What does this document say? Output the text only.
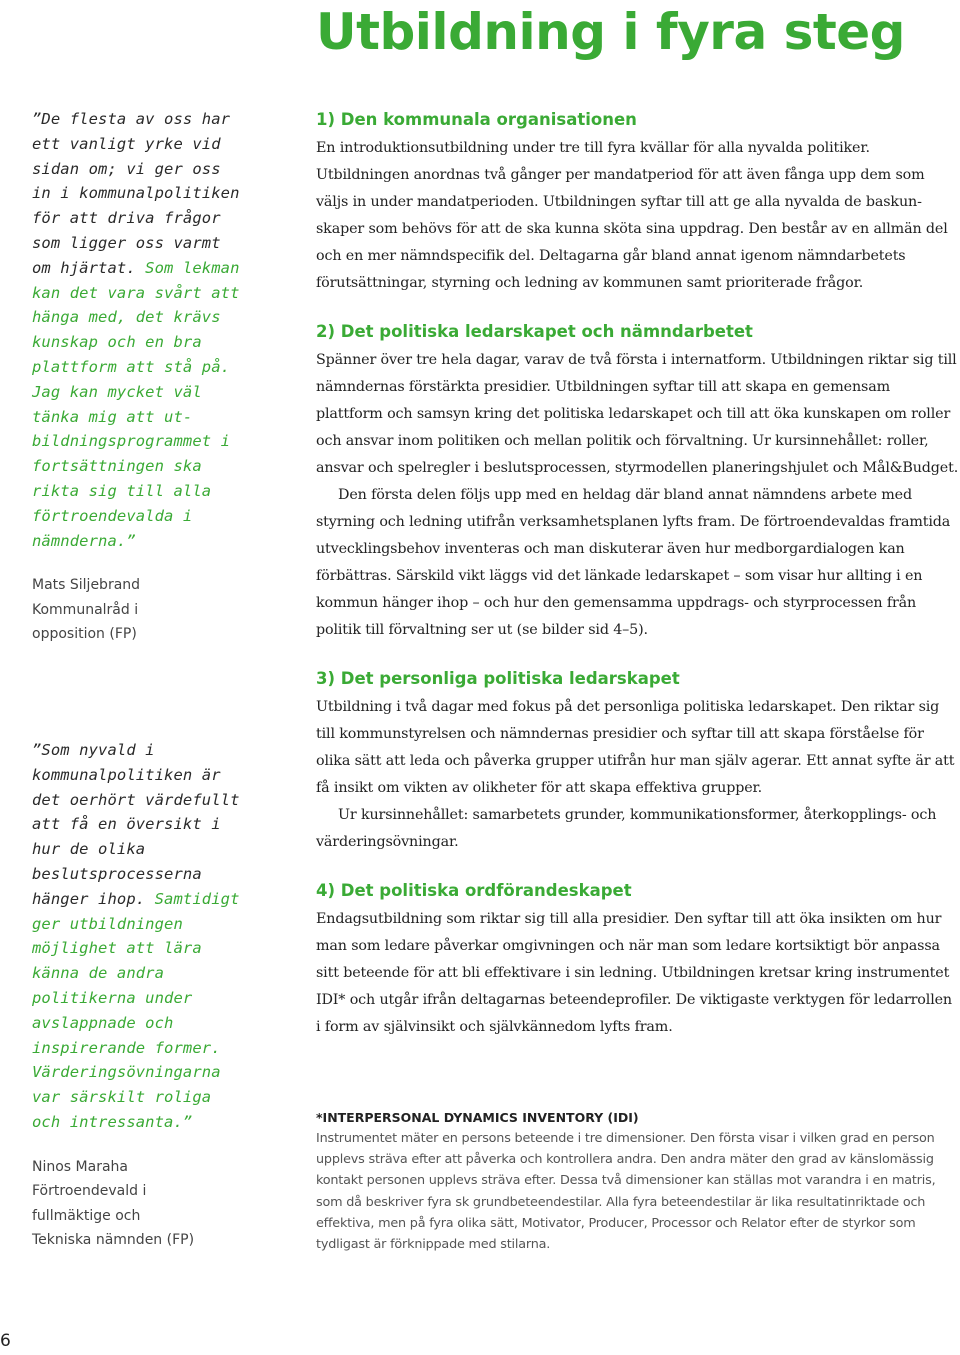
Utbildning i fyra steg

”De flesta av oss har ett vanligt yrke vid sidan om; vi ger oss in i kommunalpolitiken för att driva frågor som ligger oss varmt om hjärtat. Som lekman kan det vara svårt att hänga med, det krävs kunskap och en bra plattform att stå på. Jag kan mycket väl tänka mig att utbildningsprogrammet i fortsättningen ska rikta sig till alla förtroendevalda i nämnderna.”

Mats Siljebrand
Kommunalråd i
opposition (FP)

”Som nyvald i kommunalpolitiken är det oerhört värdefullt att få en översikt i hur de olika beslutsprocesserna hänger ihop. Samtidigt ger utbildningen möjlighet att lära känna de andra politikerna under avslappnade och inspirerande former. Värderingsövningarna var särskilt roliga och intressanta.”

Ninos Maraha
Förtroendevald i
fullmäktige och
Tekniska nämnden (FP)
1) Den kommunala organisationen

En introduktionsutbildning under tre till fyra kvällar för alla nyvalda politiker. Utbildningen anordnas två gånger per mandatperiod för att även fånga upp dem som väljs in under mandatperioden. Utbildningen syftar till att ge alla nyvalda de baskunskaper som behövs för att de ska kunna sköta sina uppdrag. Den består av en allmän del och en mer nämndspecifik del. Deltagarna går bland annat igenom nämndarbetets förutsättningar, styrning och ledning av kommunen samt prioriterade frågor.

2) Det politiska ledarskapet och nämndarbetet

Spänner över tre hela dagar, varav de två första i internatform. Utbildningen riktar sig till nämndernas förstärkta presidier. Utbildningen syftar till att skapa en gemensam plattform och samsyn kring det politiska ledarskapet och till att öka kunskapen om roller och ansvar inom politiken och mellan politik och förvaltning. Ur kursinnehållet: roller, ansvar och spelregler i beslutsprocessen, styrmodellen planeringshjulet och Mål&Budget.

Den första delen följs upp med en heldag där bland annat nämndens arbete med styrning och ledning utifrån verksamhetsplanen lyfts fram. De förtroendevaldas framtida utvecklingsbehov inventeras och man diskuterar även hur medborgardialogen kan förbättras. Särskild vikt läggs vid det länkade ledarskapet – som visar hur allting i en kommun hänger ihop – och hur den gemensamma uppdrags- och styrprocessen från politik till förvaltning ser ut (se bilder sid 4–5).

3) Det personliga politiska ledarskapet

Utbildning i två dagar med fokus på det personliga politiska ledarskapet. Den riktar sig till kommunstyrelsen och nämndernas presidier och syftar till att skapa förståelse för olika sätt att leda och påverka grupper utifrån hur man själv agerar. Ett annat syfte är att få insikt om vikten av olikheter för att skapa effektiva grupper.

Ur kursinnehållet: samarbetets grunder, kommunikationsformer, återkopplings- och värderingsövningar.

4) Det politiska ordförandeskapet

Endagsutbildning som riktar sig till alla presidier. Den syftar till att öka insikten om hur man som ledare påverkar omgivningen och när man som ledare kortsiktigt bör anpassa sitt beteende för att bli effektivare i sin ledning. Utbildningen kretsar kring instrumentet IDI* och utgår ifrån deltagarnas beteendeprofiler. De viktigaste verktygen för ledarrollen i form av självinsikt och självkännedom lyfts fram.

*INTERPERSONAL DYNAMICS INVENTORY (IDI)

Instrumentet mäter en persons beteende i tre dimensioner. Den första visar i vilken grad en person upplevs sträva efter att påverka och kontrollera andra. Den andra mäter den grad av känslomässig kontakt personen upplevs sträva efter. Dessa två dimensioner kan ställas mot varandra i en matris, som då beskriver fyra sk grundbeteendestilar. Alla fyra beteendestilar är lika resultatinriktade och effektiva, men på fyra olika sätt, Motivator, Producer, Processor och Relator efter de styrkor som tydligast är förknippade med stilarna.

6
